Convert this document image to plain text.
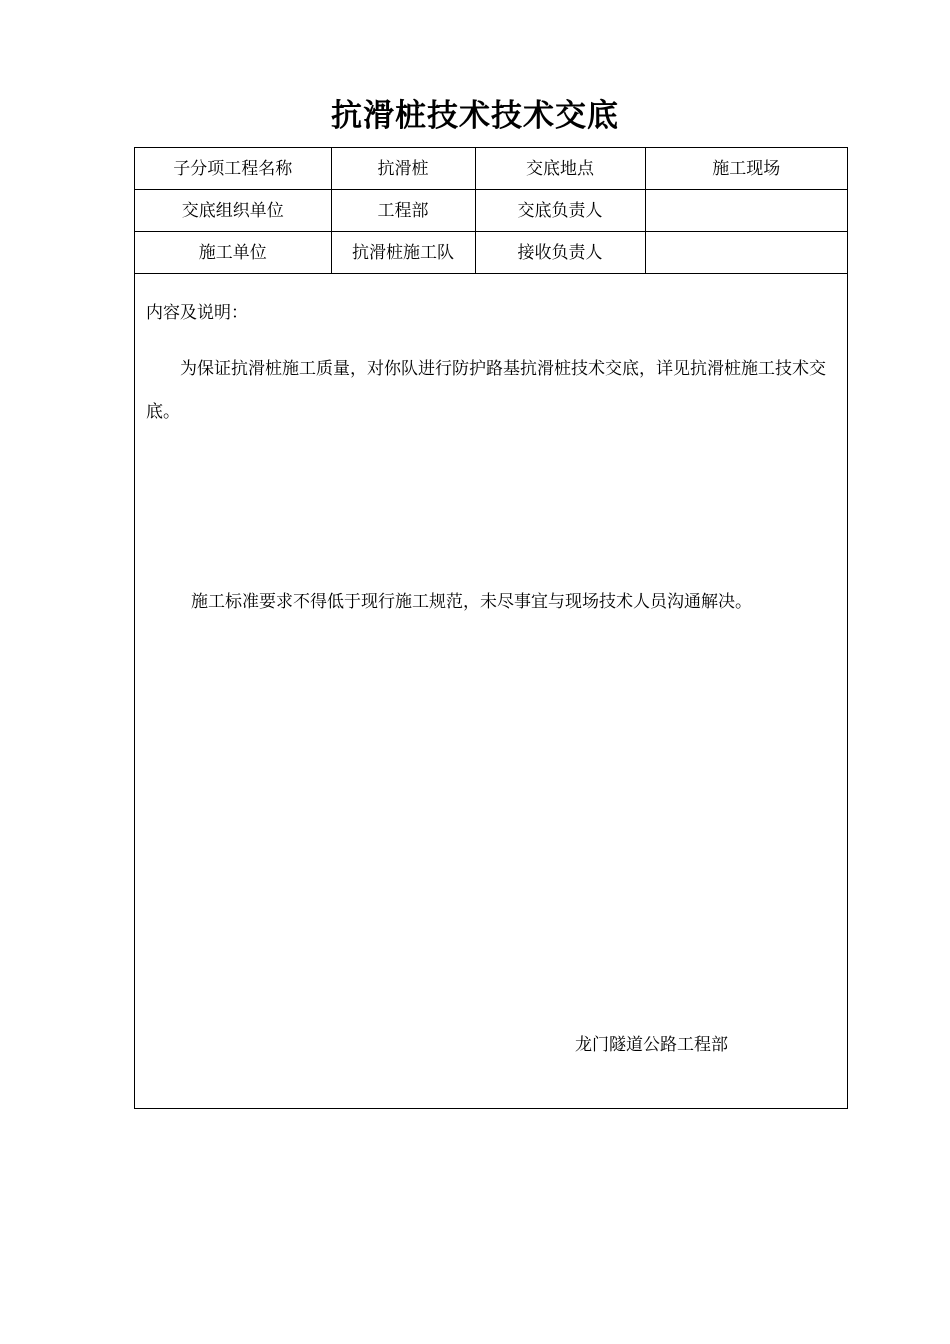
抗滑桩技术技术交底
子分项工程名称	抗滑桩	交底地点	施工现场
交底组织单位	工程部	交底负责人	
施工单位	抗滑桩施工队	接收负责人	
内容及说明：
为保证抗滑桩施工质量，对你队进行防护路基抗滑桩技术交底，详见抗滑桩施工技术交底。
施工标准要求不得低于现行施工规范，未尽事宜与现场技术人员沟通解决。
龙门隧道公路工程部
